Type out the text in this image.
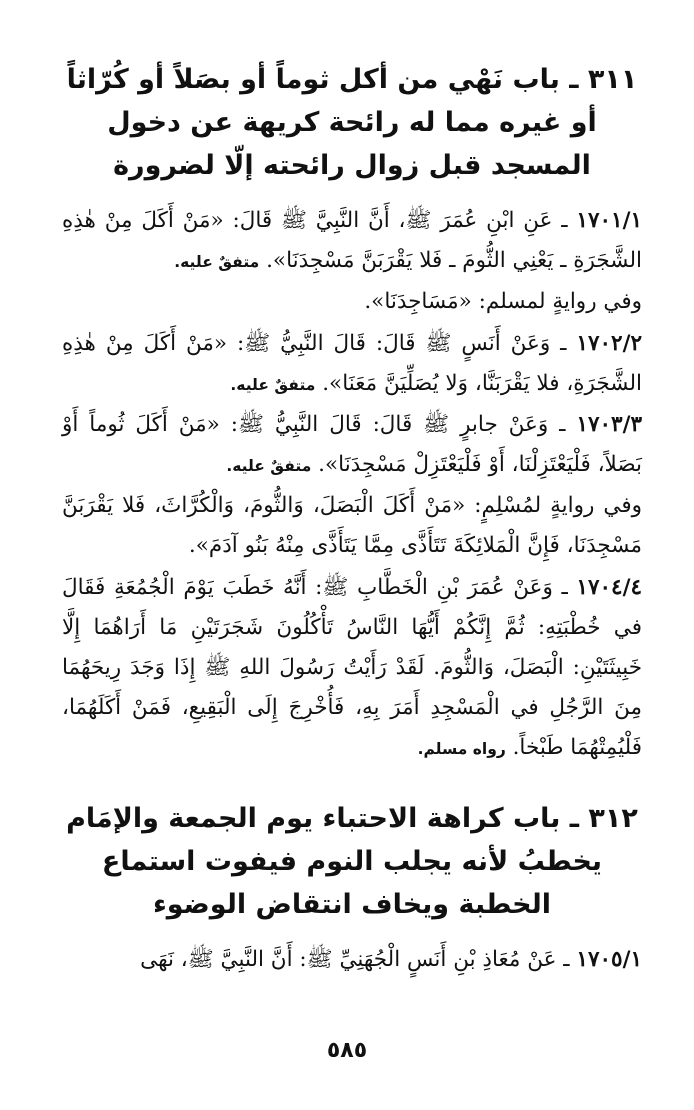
٣١١ ـ باب نَهْي من أكل ثوماً أو بصَلاً أو كُرّاثاً
أو غيره مما له رائحة كريهة عن دخول
المسجد قبل زوال رائحته إلّا لضرورة

١٧٠١/١ ـ عَنِ ابْنِ عُمَرَ ﷺ، أَنَّ النَّبِيَّ ﷺ قَالَ: «مَنْ أَكَلَ مِنْ هٰذِهِ الشَّجَرَةِ ـ يَعْنِي الثُّومَ ـ فَلا يَقْرَبَنَّ مَسْجِدَنَا». متفقٌ عليه.

وفي روايةٍ لمسلم: «مَسَاجِدَنَا».

١٧٠٢/٢ ـ وَعَنْ أَنَسٍ ﷺ قَالَ: قَالَ النَّبِيُّ ﷺ: «مَنْ أَكَلَ مِنْ هٰذِهِ الشَّجَرَةِ، فلا يَقْرَبَنَّا، وَلا يُصَلِّيَنَّ مَعَنَا». متفقٌ عليه.

١٧٠٣/٣ ـ وَعَنْ جابرٍ ﷺ قَالَ: قَالَ النَّبِيُّ ﷺ: «مَنْ أَكَلَ ثُوماً أَوْ بَصَلاً، فَلْيَعْتَزِلْنَا، أَوْ فَلْيَعْتَزِلْ مَسْجِدَنَا». متفقٌ عليه.

وفي روايةٍ لمُسْلِمٍ: «مَنْ أَكَلَ الْبَصَلَ، وَالثُّومَ، وَالْكُرَّاثَ، فَلا يَقْرَبَنَّ مَسْجِدَنَا، فَإِنَّ الْمَلائِكَةَ تَتَأَذَّى مِمَّا يَتَأَذَّى مِنْهُ بَنُو آدَمَ».

١٧٠٤/٤ ـ وَعَنْ عُمَرَ بْنِ الْخَطَّابِ ﷺ: أَنَّهُ خَطَبَ يَوْمَ الْجُمُعَةِ فَقَالَ في خُطْبَتِهِ: ثُمَّ إِنَّكُمْ أَيُّهَا النَّاسُ تَأْكُلُونَ شَجَرَتَيْنِ مَا أَرَاهُمَا إِلَّا خَبِيثَتَيْنِ: الْبَصَلَ، وَالثُّومَ. لَقَدْ رَأَيْتُ رَسُولَ اللهِ ﷺ إِذَا وَجَدَ رِيحَهُمَا مِنَ الرَّجُلِ في الْمَسْجِدِ أَمَرَ بِهِ، فَأُخْرِجَ إِلَى الْبَقِيعِ، فَمَنْ أَكَلَهُمَا، فَلْيُمِتْهُمَا طَبْخاً. رواه مسلم.

٣١٢ ـ باب كراهة الاحتباء يوم الجمعة والإمَام
يخطبُ لأنه يجلب النوم فيفوت استماع
الخطبة ويخاف انتقاض الوضوء

١٧٠٥/١ ـ عَنْ مُعَاذِ بْنِ أَنَسٍ الْجُهَنِيِّ ﷺ: أَنَّ النَّبِيَّ ﷺ، نَهَى

٥٨٥
